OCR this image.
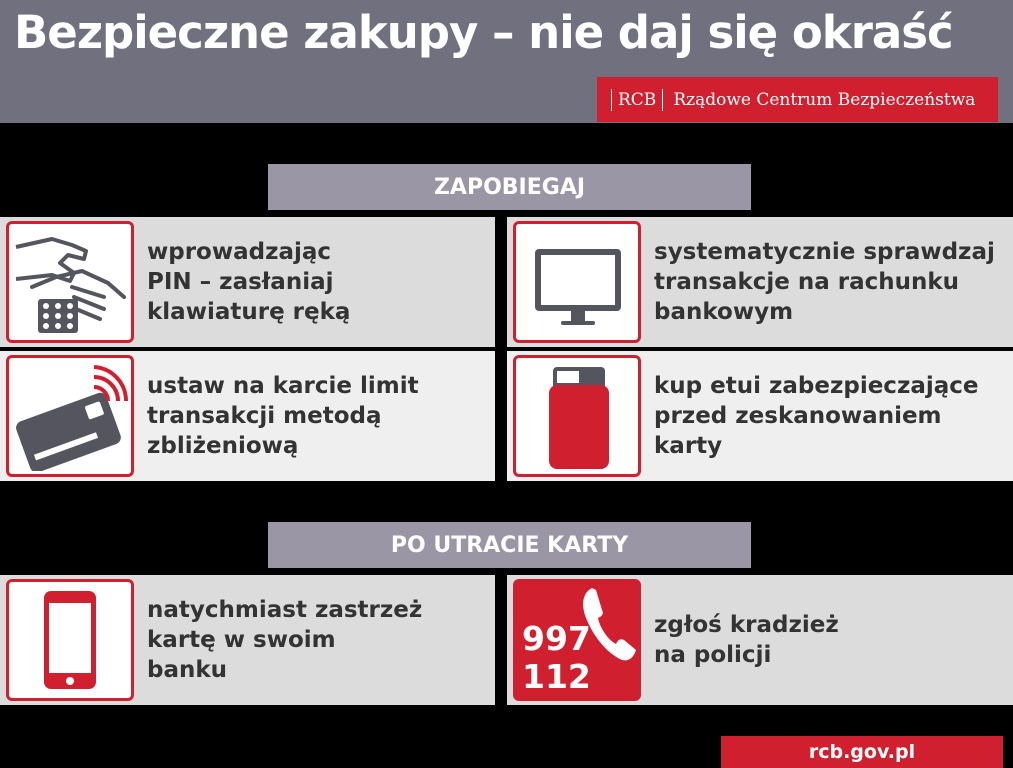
Bezpieczne zakupy – nie daj się okraść
RCB	Rządowe Centrum Bezpieczeństwa
ZAPOBIEGAJ
wprowadzając
PIN – zasłaniaj
klawiaturę ręką
systematycznie sprawdzaj
transakcje na rachunku
bankowym
ustaw na karcie limit
transakcji metodą
zbliżeniową
kup etui zabezpieczające
przed zeskanowaniem
karty
PO UTRACIE KARTY
natychmiast zastrzeż
kartę w swoim
banku
997
112
zgłoś kradzież
na policji
rcb.gov.pl
